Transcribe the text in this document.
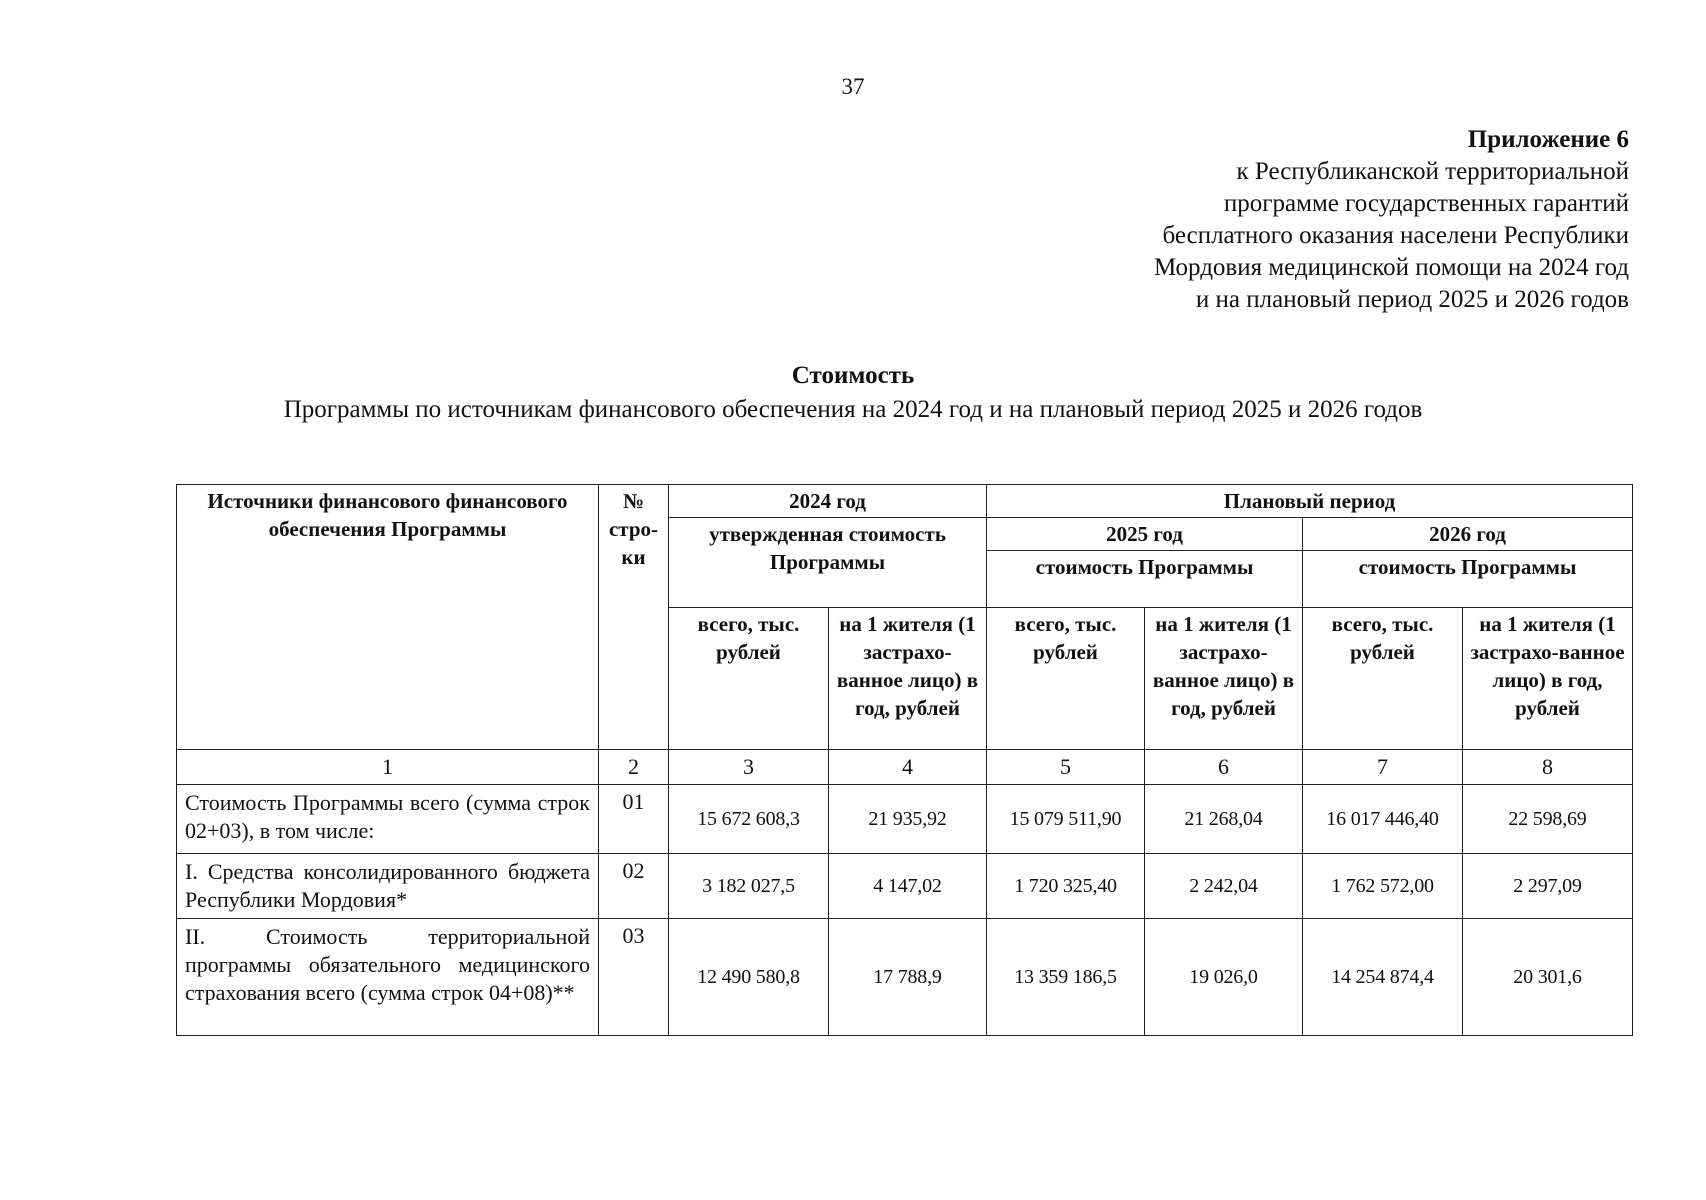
37
Приложение 6
к Республиканской территориальной
программе государственных гарантий
бесплатного оказания населени Республики
Мордовия медицинской помощи на 2024 год
и на плановый период 2025 и 2026 годов
Стоимость
Программы по источникам финансового обеспечения на 2024 год и на плановый период 2025 и 2026 годов
Источники финансового финансового обеспечения Программы	№ стро-ки	2024 год		Плановый период			
		утвержденная стоимость Программы		2025 год		2026 год	
				стоимость Программы		стоимость Программы	
		всего, тыс. рублей	на 1 жителя (1 застрахо-ванное лицо) в год, рублей	всего, тыс. рублей	на 1 жителя (1 застрахо-ванное лицо) в год, рублей	всего, тыс. рублей	на 1 жителя (1 застрахо-ванное лицо) в год, рублей
1	2	3	4	5	6	7	8
Стоимость Программы всего (сумма строк 02+03), в том числе:	01	15 672 608,3	21 935,92	15 079 511,90	21 268,04	16 017 446,40	22 598,69
I. Средства консолидированного бюджета Республики Мордовия*	02	3 182 027,5	4 147,02	1 720 325,40	2 242,04	1 762 572,00	2 297,09
II. Стоимость территориальной программы обязательного медицинского страхования всего (сумма строк 04+08)**	03	12 490 580,8	17 788,9	13 359 186,5	19 026,0	14 254 874,4	20 301,6
